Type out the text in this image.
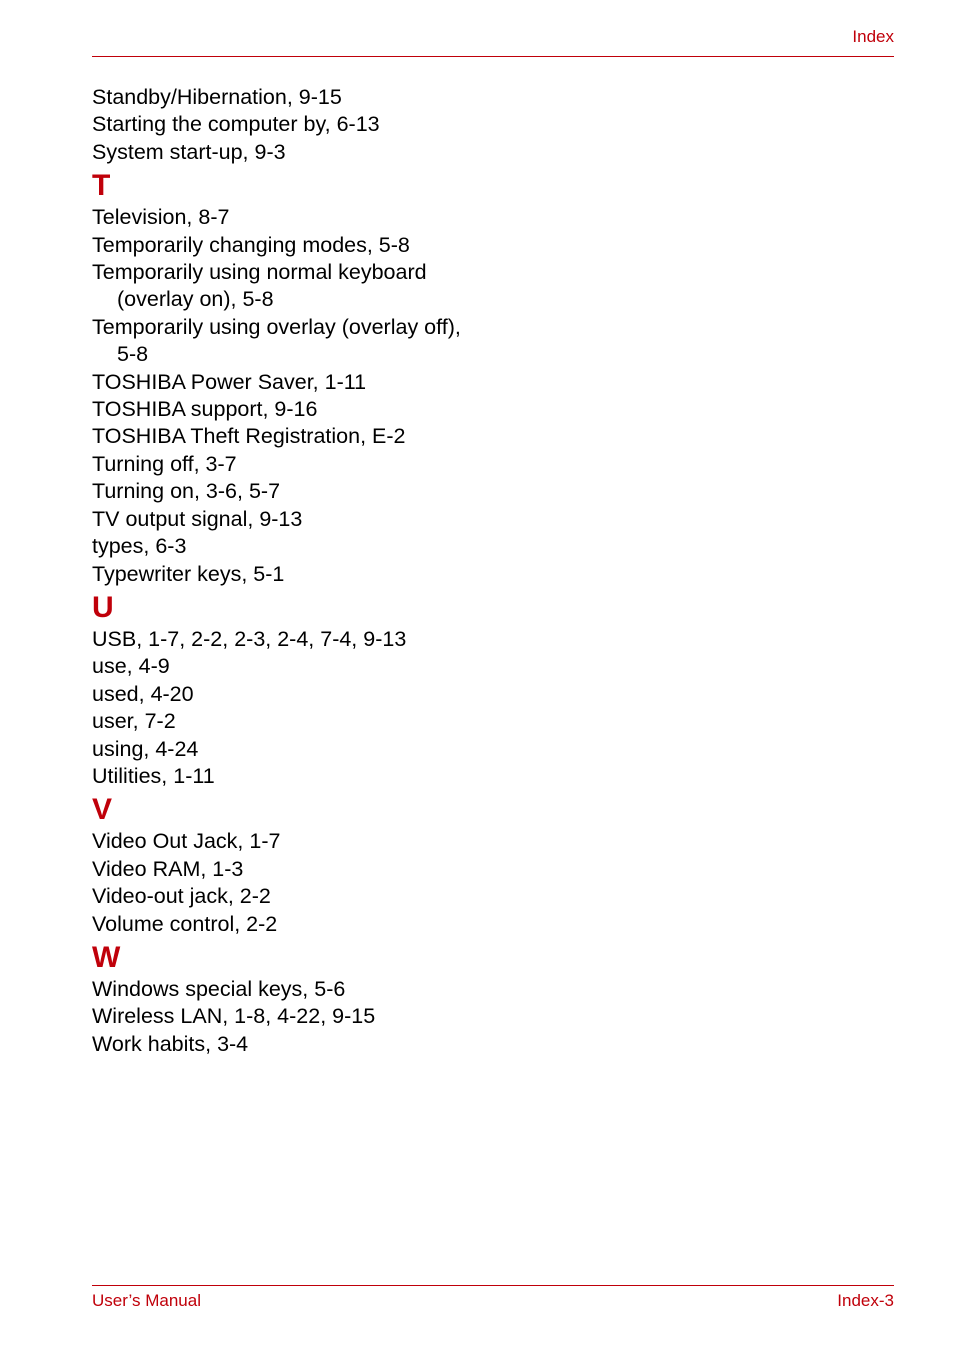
Index
Standby/Hibernation, 9-15
Starting the computer by, 6-13
System start-up, 9-3
T
Television, 8-7
Temporarily changing modes, 5-8
Temporarily using normal keyboard
(overlay on), 5-8
Temporarily using overlay (overlay off),
5-8
TOSHIBA Power Saver, 1-11
TOSHIBA support, 9-16
TOSHIBA Theft Registration, E-2
Turning off, 3-7
Turning on, 3-6, 5-7
TV output signal, 9-13
types, 6-3
Typewriter keys, 5-1
U
USB, 1-7, 2-2, 2-3, 2-4, 7-4, 9-13
use, 4-9
used, 4-20
user, 7-2
using, 4-24
Utilities, 1-11
V
Video Out Jack, 1-7
Video RAM, 1-3
Video-out jack, 2-2
Volume control, 2-2
W
Windows special keys, 5-6
Wireless LAN, 1-8, 4-22, 9-15
Work habits, 3-4
User’s Manual	Index-3
